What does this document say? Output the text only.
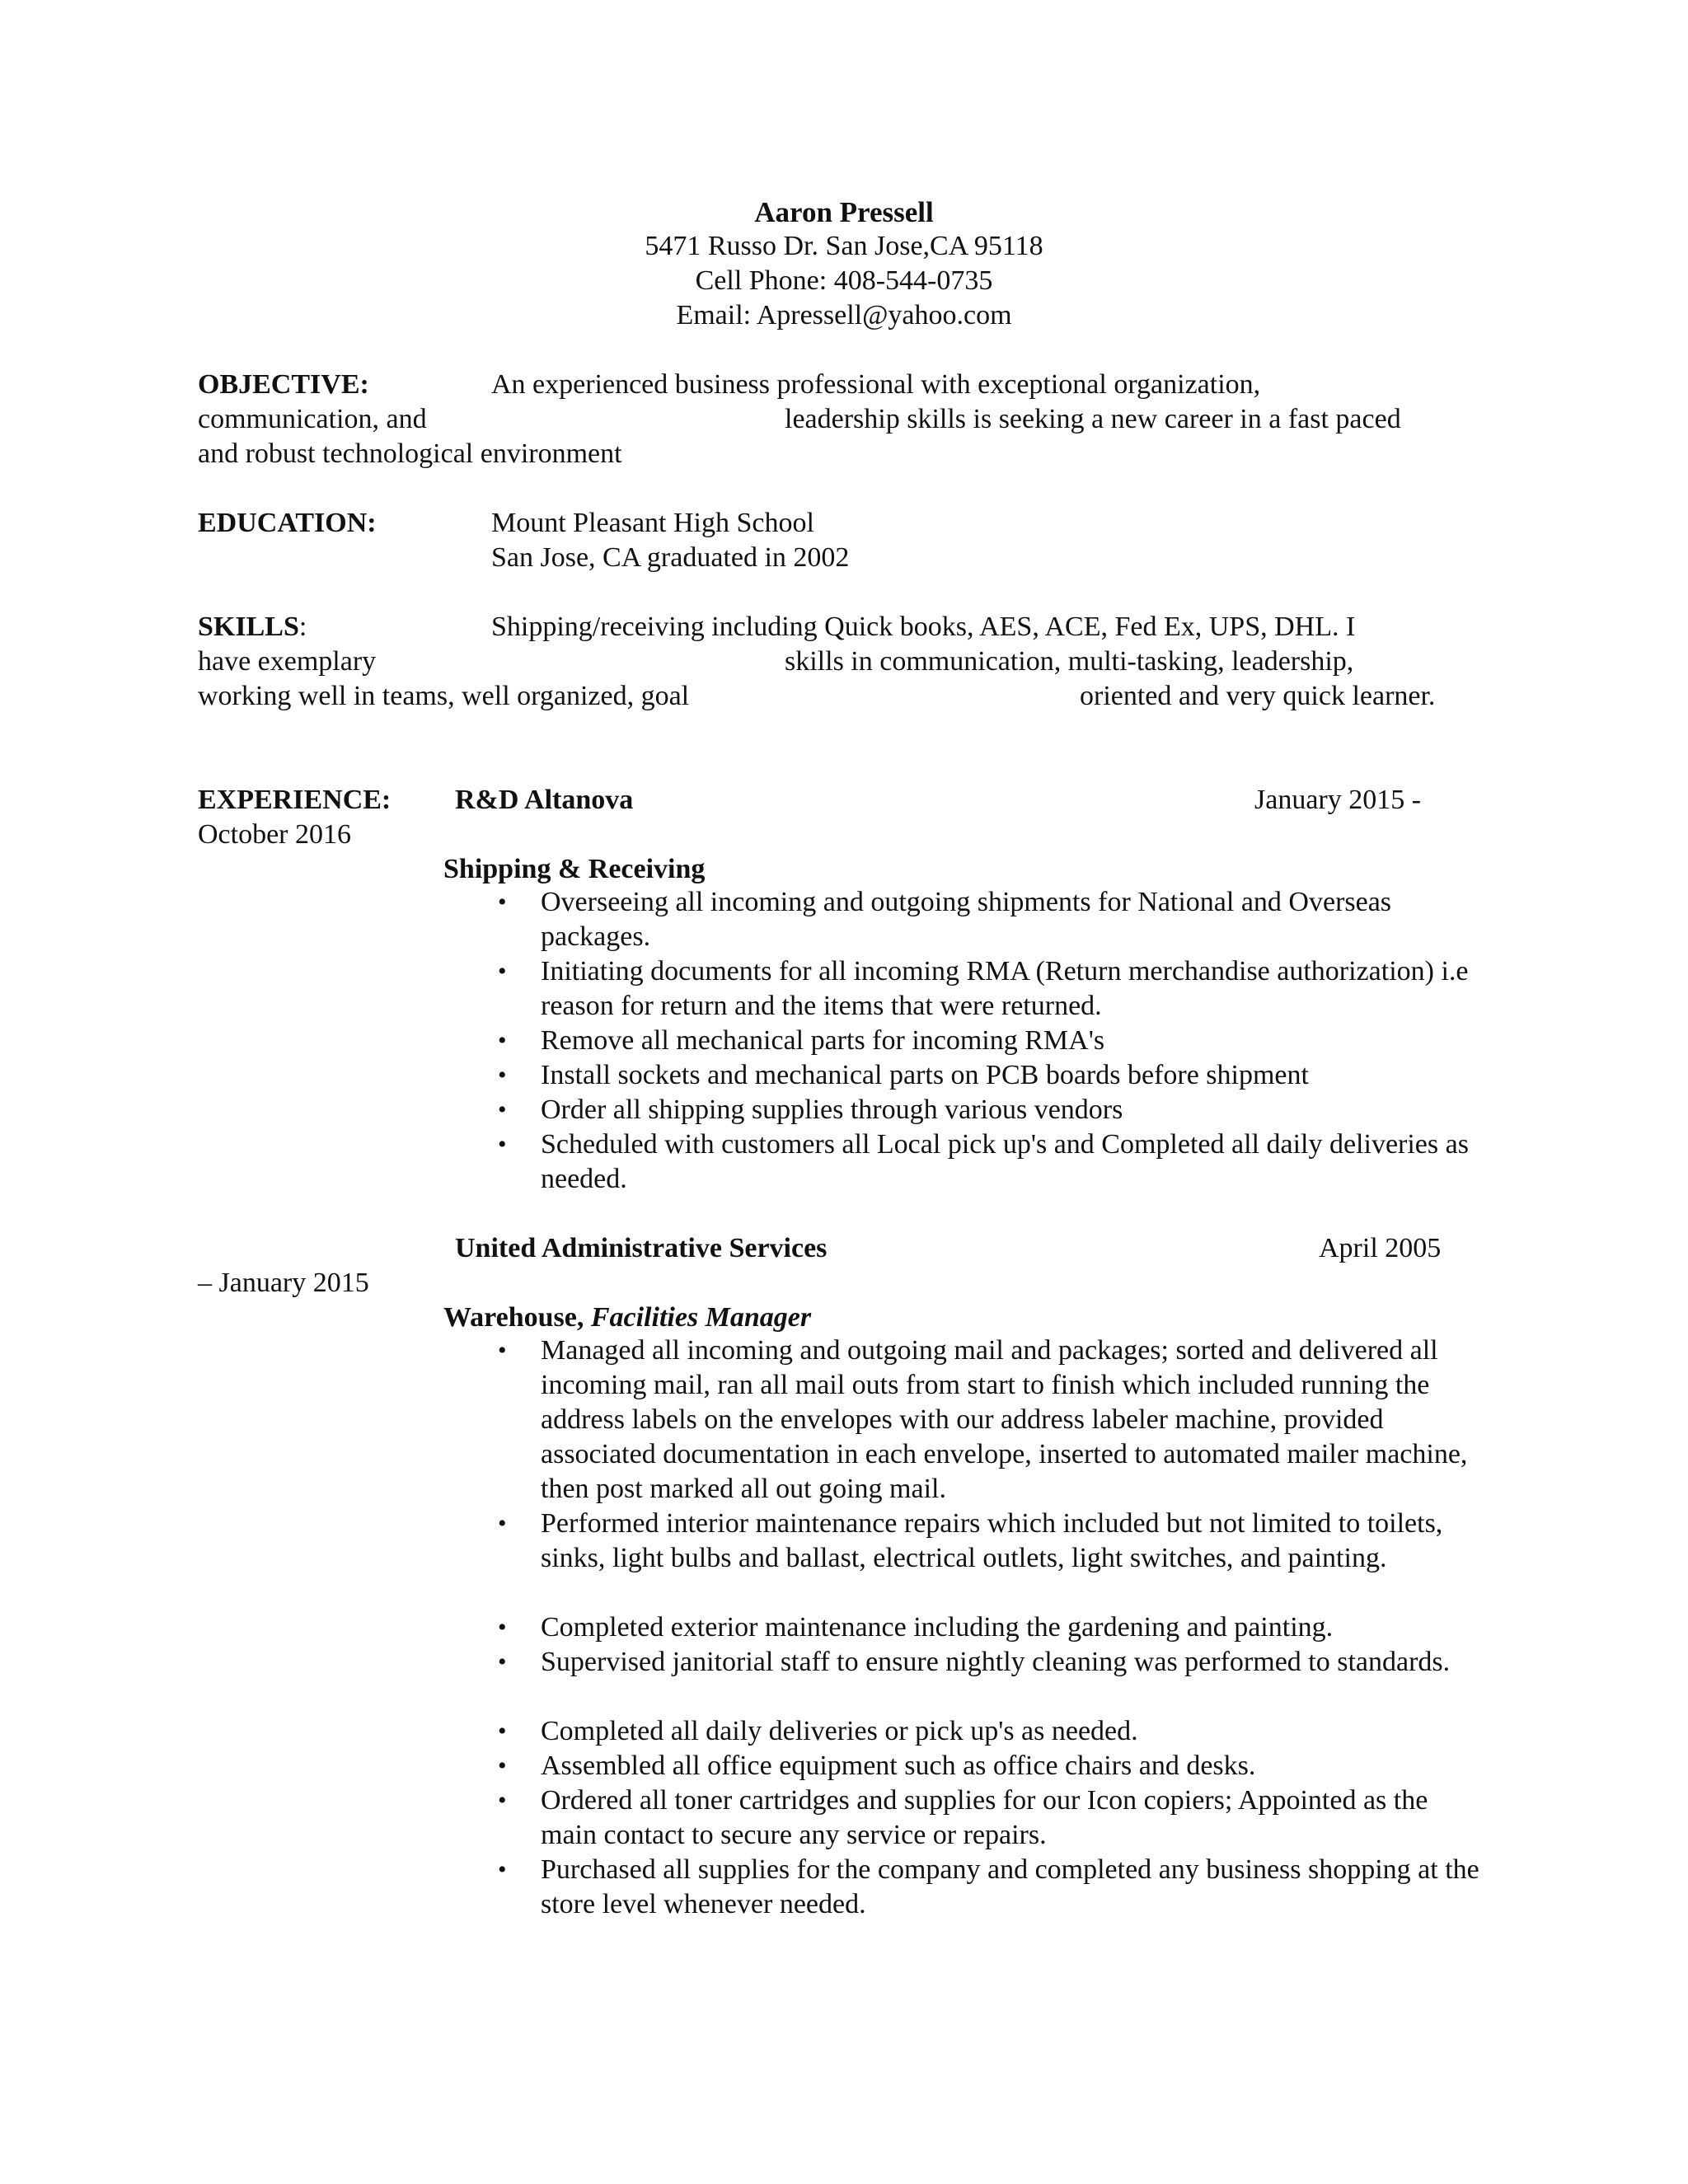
Aaron Pressell
5471 Russo Dr. San Jose,CA 95118
Cell Phone: 408-544-0735
Email: Apressell@yahoo.com
OBJECTIVE:	An experienced business professional with exceptional organization,
communication, and	leadership skills is seeking a new career in a fast paced
and robust technological environment
EDUCATION:	Mount Pleasant High School
San Jose, CA graduated in 2002
SKILLS:	Shipping/receiving including Quick books, AES, ACE, Fed Ex, UPS, DHL. I
have exemplary	skills in communication, multi-tasking, leadership,
working well in teams, well organized, goal	oriented and very quick learner.
EXPERIENCE: R&D Altanova	January 2015 -
October 2016
Shipping & Receiving
• Overseeing all incoming and outgoing shipments for National and Overseas packages.
• Initiating documents for all incoming RMA (Return merchandise authorization) i.e reason for return and the items that were returned.
• Remove all mechanical parts for incoming RMA's
• Install sockets and mechanical parts on PCB boards before shipment
• Order all shipping supplies through various vendors
• Scheduled with customers all Local pick up's and Completed all daily deliveries as needed.
United Administrative Services	April 2005
– January 2015
Warehouse, Facilities Manager
• Managed all incoming and outgoing mail and packages; sorted and delivered all incoming mail, ran all mail outs from start to finish which included running the address labels on the envelopes with our address labeler machine, provided associated documentation in each envelope, inserted to automated mailer machine, then post marked all out going mail.
• Performed interior maintenance repairs which included but not limited to toilets, sinks, light bulbs and ballast, electrical outlets, light switches, and painting.
• Completed exterior maintenance including the gardening and painting.
• Supervised janitorial staff to ensure nightly cleaning was performed to standards.
• Completed all daily deliveries or pick up's as needed.
• Assembled all office equipment such as office chairs and desks.
• Ordered all toner cartridges and supplies for our Icon copiers; Appointed as the main contact to secure any service or repairs.
• Purchased all supplies for the company and completed any business shopping at the store level whenever needed.
